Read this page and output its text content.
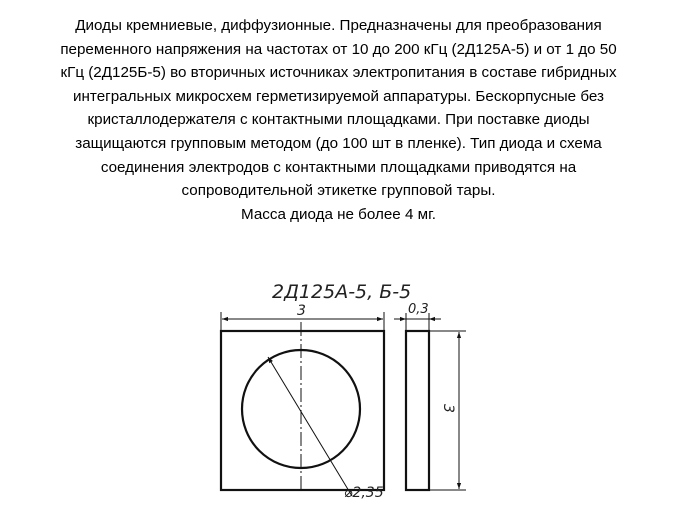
Диоды кремниевые, диффузионные. Предназначены для преобразования
переменного напряжения на частотах от 10 до 200 кГц (2Д125А-5) и от 1 до 50
кГц (2Д125Б-5) во вторичных источниках электропитания в составе гибридных
интегральных микросхем герметизируемой аппаратуры. Бескорпусные без
кристаллодержателя с контактными площадками. При поставке диоды
защищаются групповым методом (до 100 шт в пленке). Тип диода и схема
соединения электродов с контактными площадками приводятся на
сопроводительной этикетке групповой тары.
Масса диода не более 4 мг.
2Д125А-5, Б-5
3
⌀2,35
0,3
3
